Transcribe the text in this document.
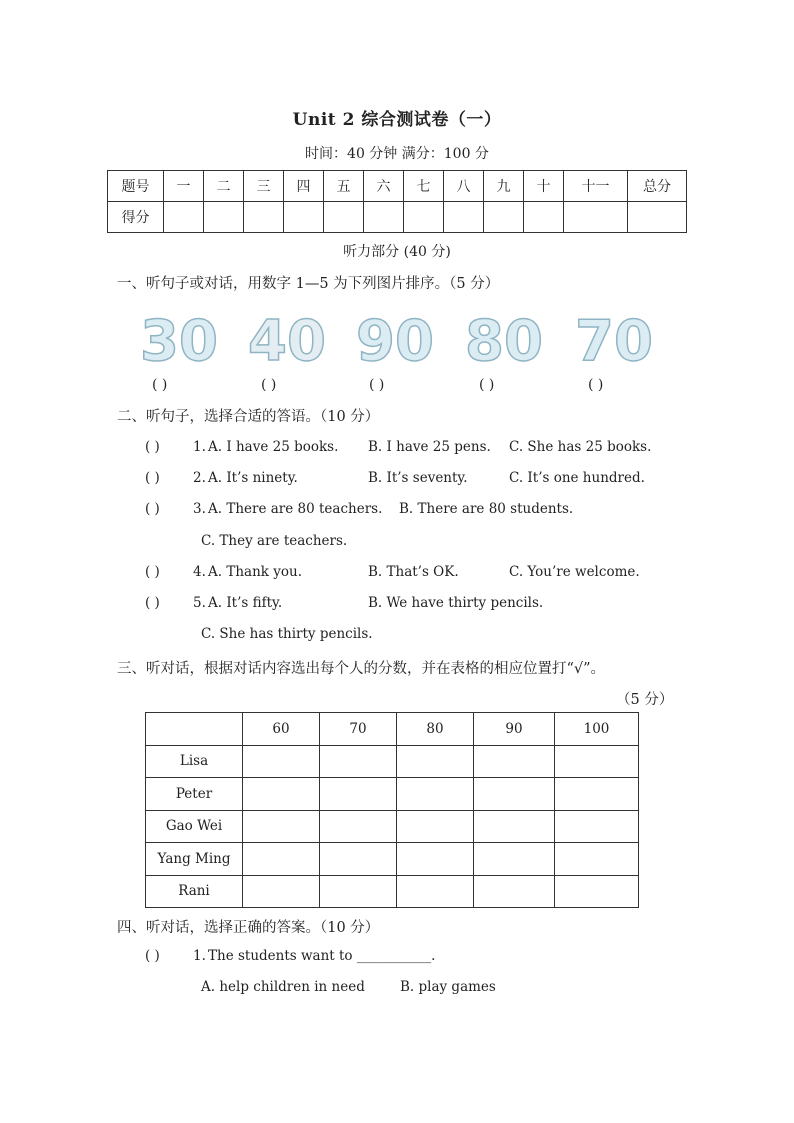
Unit 2 综合测试卷（一）
时间：40 分钟 满分：100 分
题号	一	二	三	四	五	六	七	八	九	十	十一	总分
得分												
听力部分 (40 分)
一、听句子或对话，用数字 1—5 为下列图片排序。（5 分）
30 40 90 80 70
( )	( )	( )	( )	( )
二、听句子，选择合适的答语。（10 分）
( ) 1. A. I have 25 books. B. I have 25 pens. C. She has 25 books.
( ) 2. A. It’s ninety.	B. It’s seventy.	C. It’s one hundred.
( ) 3. A. There are 80 teachers. B. There are 80 students.
C. They are teachers.
( ) 4. A. Thank you.	B. That’s OK.	C. You’re welcome.
( ) 5. A. It’s fifty.	B. We have thirty pencils.
C. She has thirty pencils.
三、听对话，根据对话内容选出每个人的分数，并在表格的相应位置打“√”。
（5 分）
	60	70	80	90	100
Lisa					
Peter					
Gao Wei					
Yang Ming					
Rani					
四、听对话，选择正确的答案。（10 分）
( ) 1. The students want to ___________.
A. help children in need	B. play games
